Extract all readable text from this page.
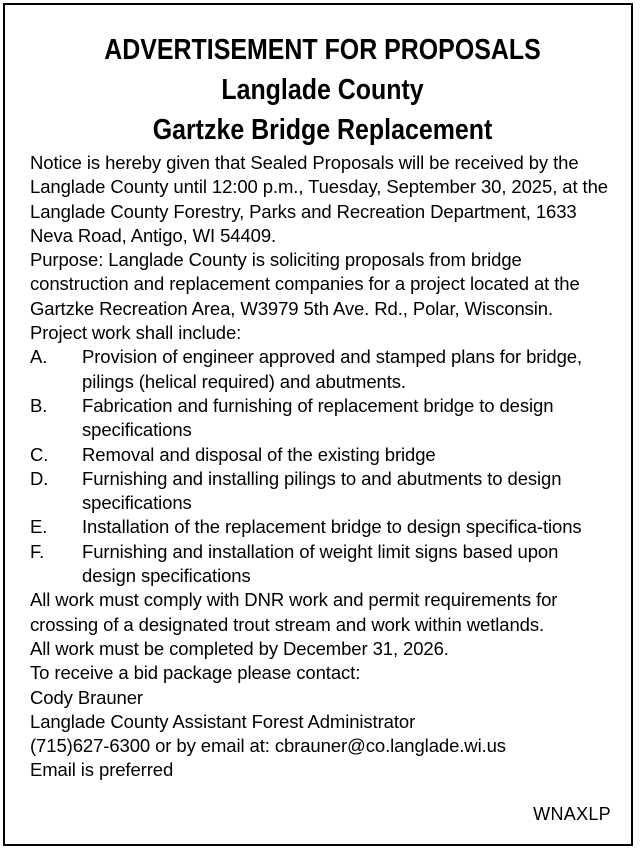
ADVERTISEMENT FOR PROPOSALS
Langlade County
Gartzke Bridge Replacement

Notice is hereby given that Sealed Proposals will be received by the Langlade County until 12:00 p.m., Tuesday, September 30, 2025, at the Langlade County Forestry, Parks and Recreation Department, 1633 Neva Road, Antigo, WI 54409.

Purpose: Langlade County is soliciting proposals from bridge construction and replacement companies for a project located at the Gartzke Recreation Area, W3979 5th Ave. Rd., Polar, Wisconsin.

Project work shall include:

A.	Provision of engineer approved and stamped plans for bridge, pilings (helical required) and abutments.
B.	Fabrication and furnishing of replacement bridge to design specifications
C.	Removal and disposal of the existing bridge
D.	Furnishing and installing pilings to and abutments to design specifications
E.	Installation of the replacement bridge to design specifica-tions
F.	Furnishing and installation of weight limit signs based upon design specifications

All work must comply with DNR work and permit requirements for crossing of a designated trout stream and work within wetlands.

All work must be completed by December 31, 2026.

To receive a bid package please contact:

Cody Brauner

Langlade County Assistant Forest Administrator

(715)627-6300 or by email at: cbrauner@co.langlade.wi.us

Email is preferred

WNAXLP
